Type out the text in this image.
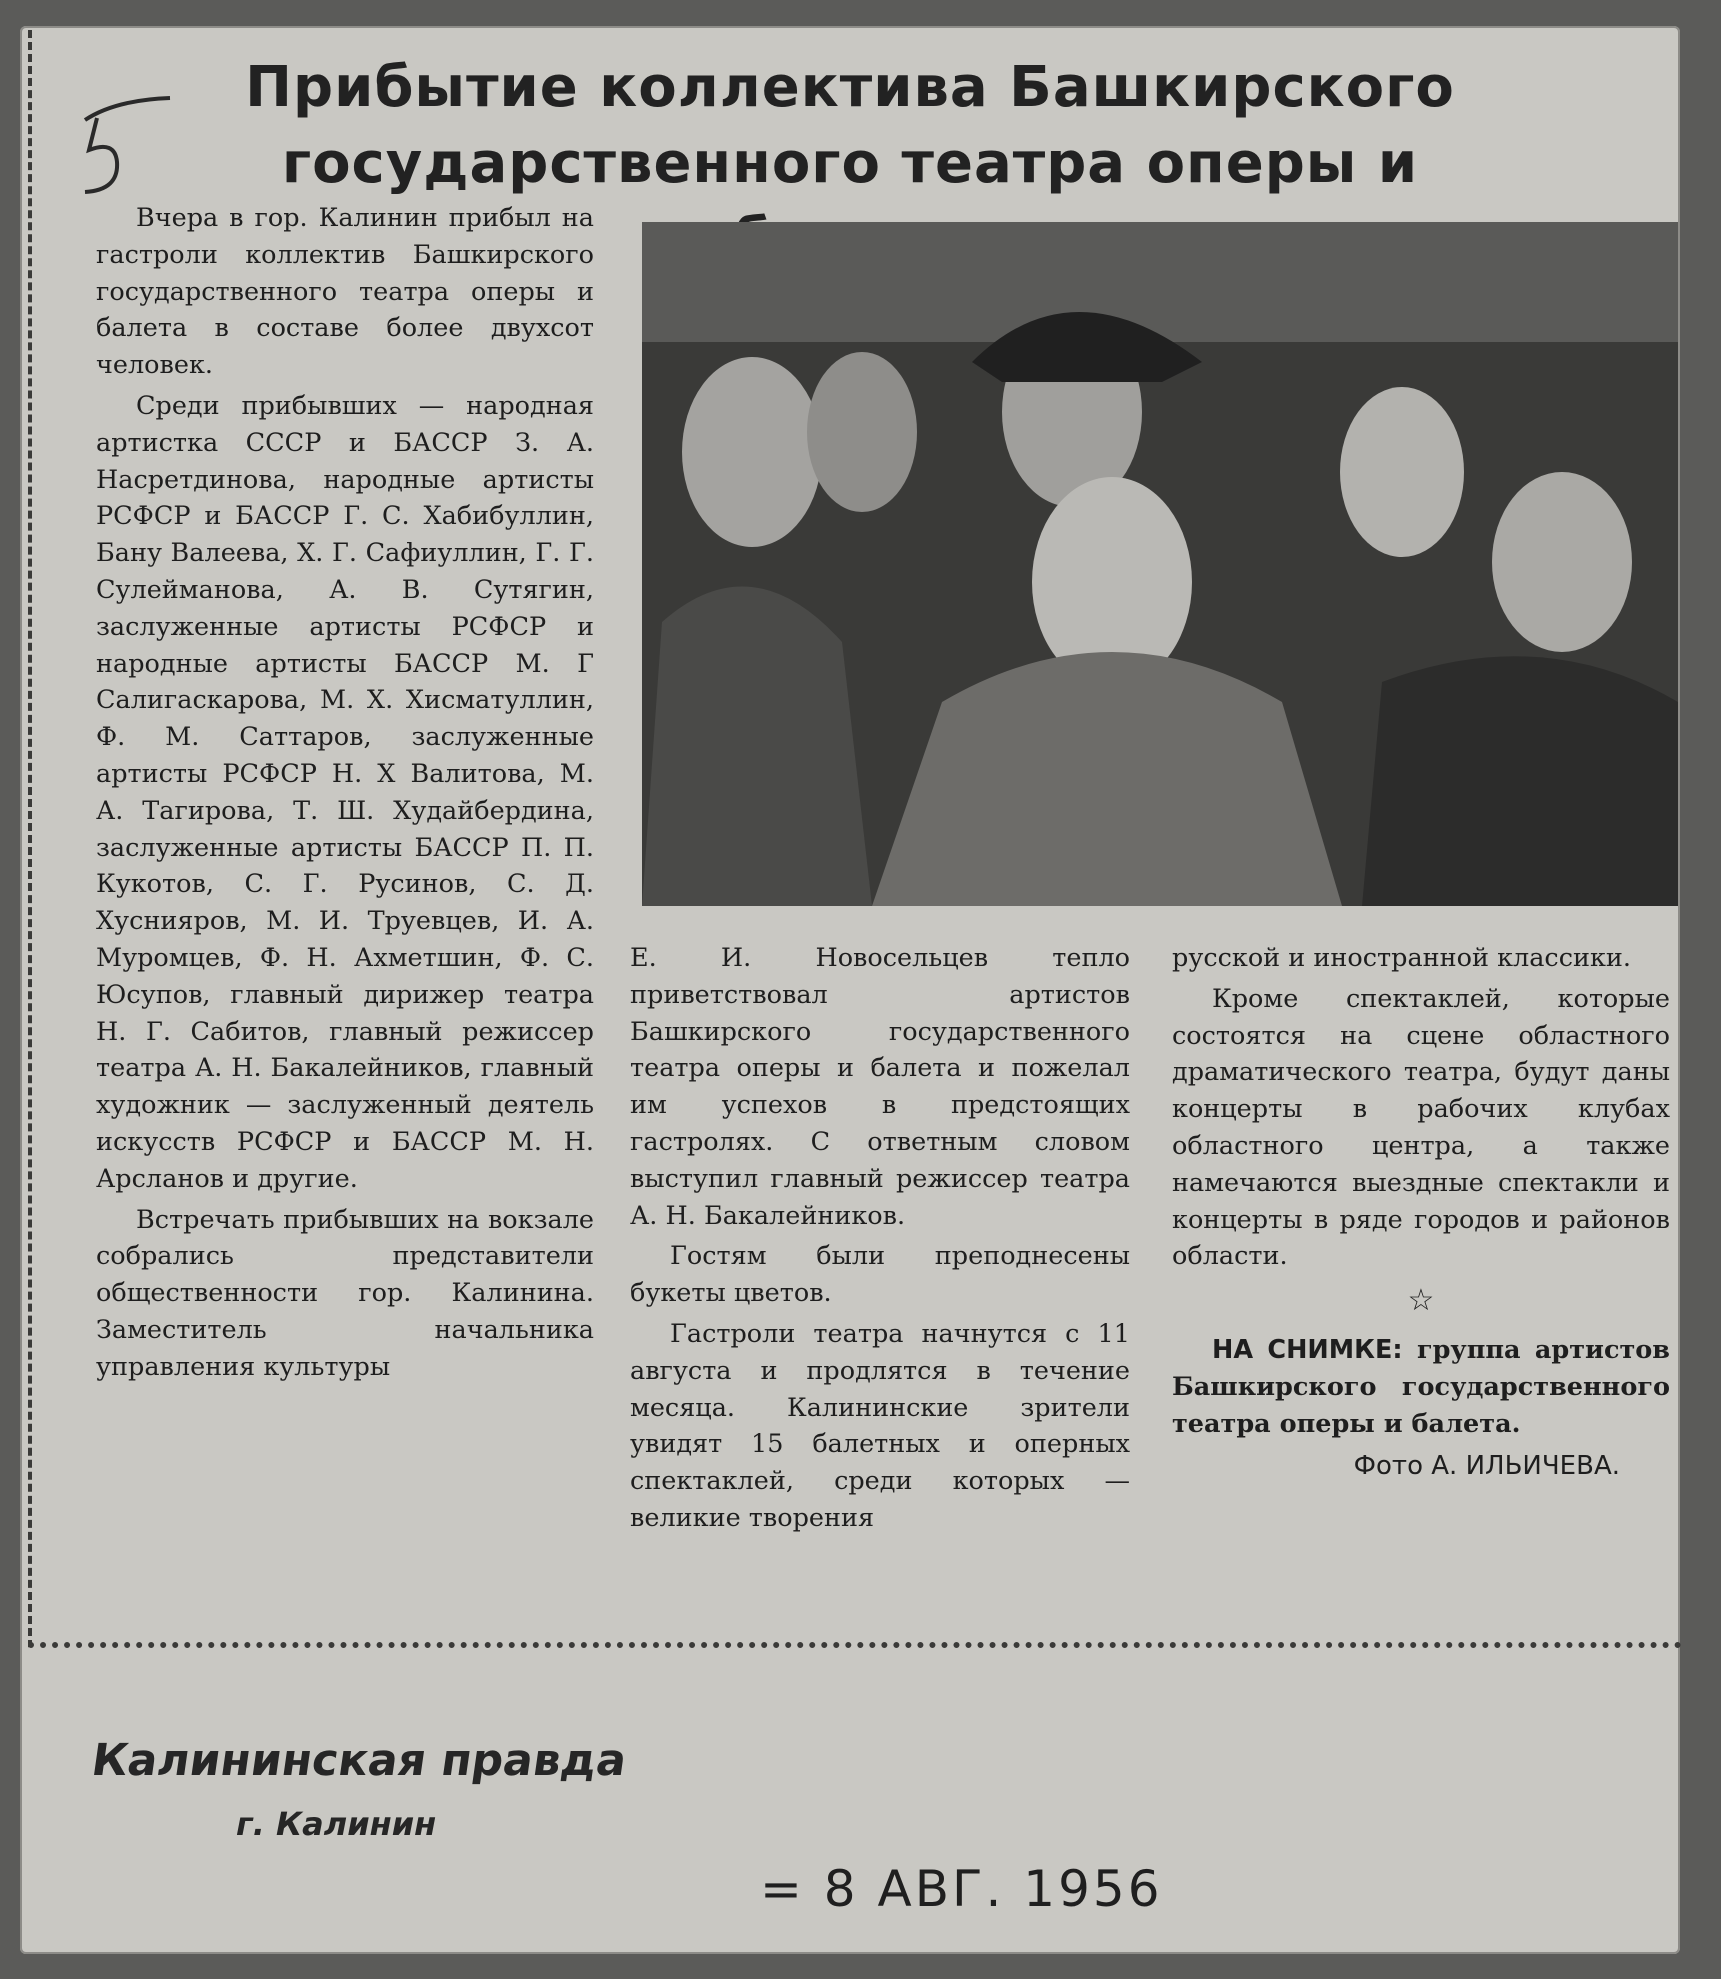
Прибытие коллектива Башкирского
государственного театра оперы и

Вчера в гор. Калинин прибыл на гастроли коллектив Башкирского государственного театра оперы и балета в составе более двухсот человек.

Среди прибывших — народная артистка СССР и БАССР З. А. Насретдинова, народные артисты РСФСР и БАССР Г. С. Хабибуллин, Бану Валеева, Х. Г. Сафиуллин, Г. Г. Сулейманова, А. В. Сутягин, заслуженные артисты РСФСР и народные артисты БАССР М. Г Салигаскарова, М. Х. Хисматуллин, Ф. М. Саттаров, заслуженные артисты РСФСР Н. Х Валитова, М. А. Тагирова, Т. Ш. Худайбердина, заслуженные артисты БАССР П. П. Кукотов, С. Г. Русинов, С. Д. Хуснияров, М. И. Труевцев, И. А. Муромцев, Ф. Н. Ахметшин, Ф. С. Юсупов, главный дирижер театра Н. Г. Сабитов, главный режиссер театра А. Н. Бакалейников, главный художник — заслуженный деятель искусств РСФСР и БАССР М. Н. Арсланов и другие.

Встречать прибывших на вокзале собрались представители общественности гор. Калинина. Заместитель начальника управления культуры

Е. И. Новосельцев тепло приветствовал артистов Башкирского государственного театра оперы и балета и пожелал им успехов в предстоящих гастролях. С ответным словом выступил главный режиссер театра А. Н. Бакалейников.

Гостям были преподнесены букеты цветов.

Гастроли театра начнутся с 11 августа и продлятся в течение месяца. Калининские зрители увидят 15 балетных и оперных спектаклей, среди которых — великие творения

русской и иностранной классики.

Кроме спектаклей, которые состоятся на сцене областного драматического театра, будут даны концерты в рабочих клубах областного центра, а также намечаются выездные спектакли и концерты в ряде городов и районов области.

☆

НА СНИМКЕ: группа артистов Башкирского государственного театра оперы и балета.

Фото А. ИЛЬИЧЕВА.

Калининская правда
г. Калинин
= 8 АВГ. 1956
